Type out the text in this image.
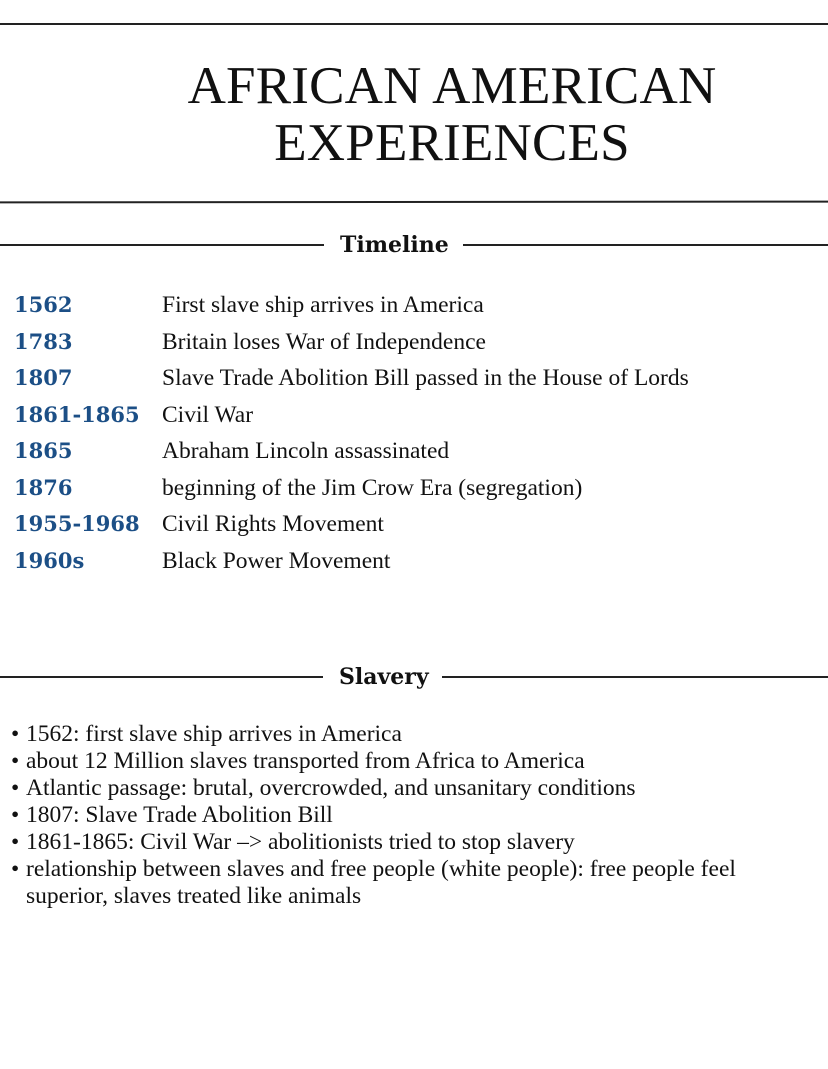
AFRICAN AMERICAN
EXPERIENCES
Timeline
1562	First slave ship arrives in America
1783	Britain loses War of Independence
1807	Slave Trade Abolition Bill passed in the House of Lords
1861-1865 Civil War
1865	Abraham Lincoln assassinated
1876	beginning of the Jim Crow Era (segregation)
1955-1968 Civil Rights Movement
1960s	Black Power Movement
Slavery
• 1562: first slave ship arrives in America
• about 12 Million slaves transported from Africa to America
• Atlantic passage: brutal, overcrowded, and unsanitary conditions
• 1807: Slave Trade Abolition Bill
• 1861-1865: Civil War –> abolitionists tried to stop slavery
• relationship between slaves and free people (white people): free people feel superior, slaves treated like animals
